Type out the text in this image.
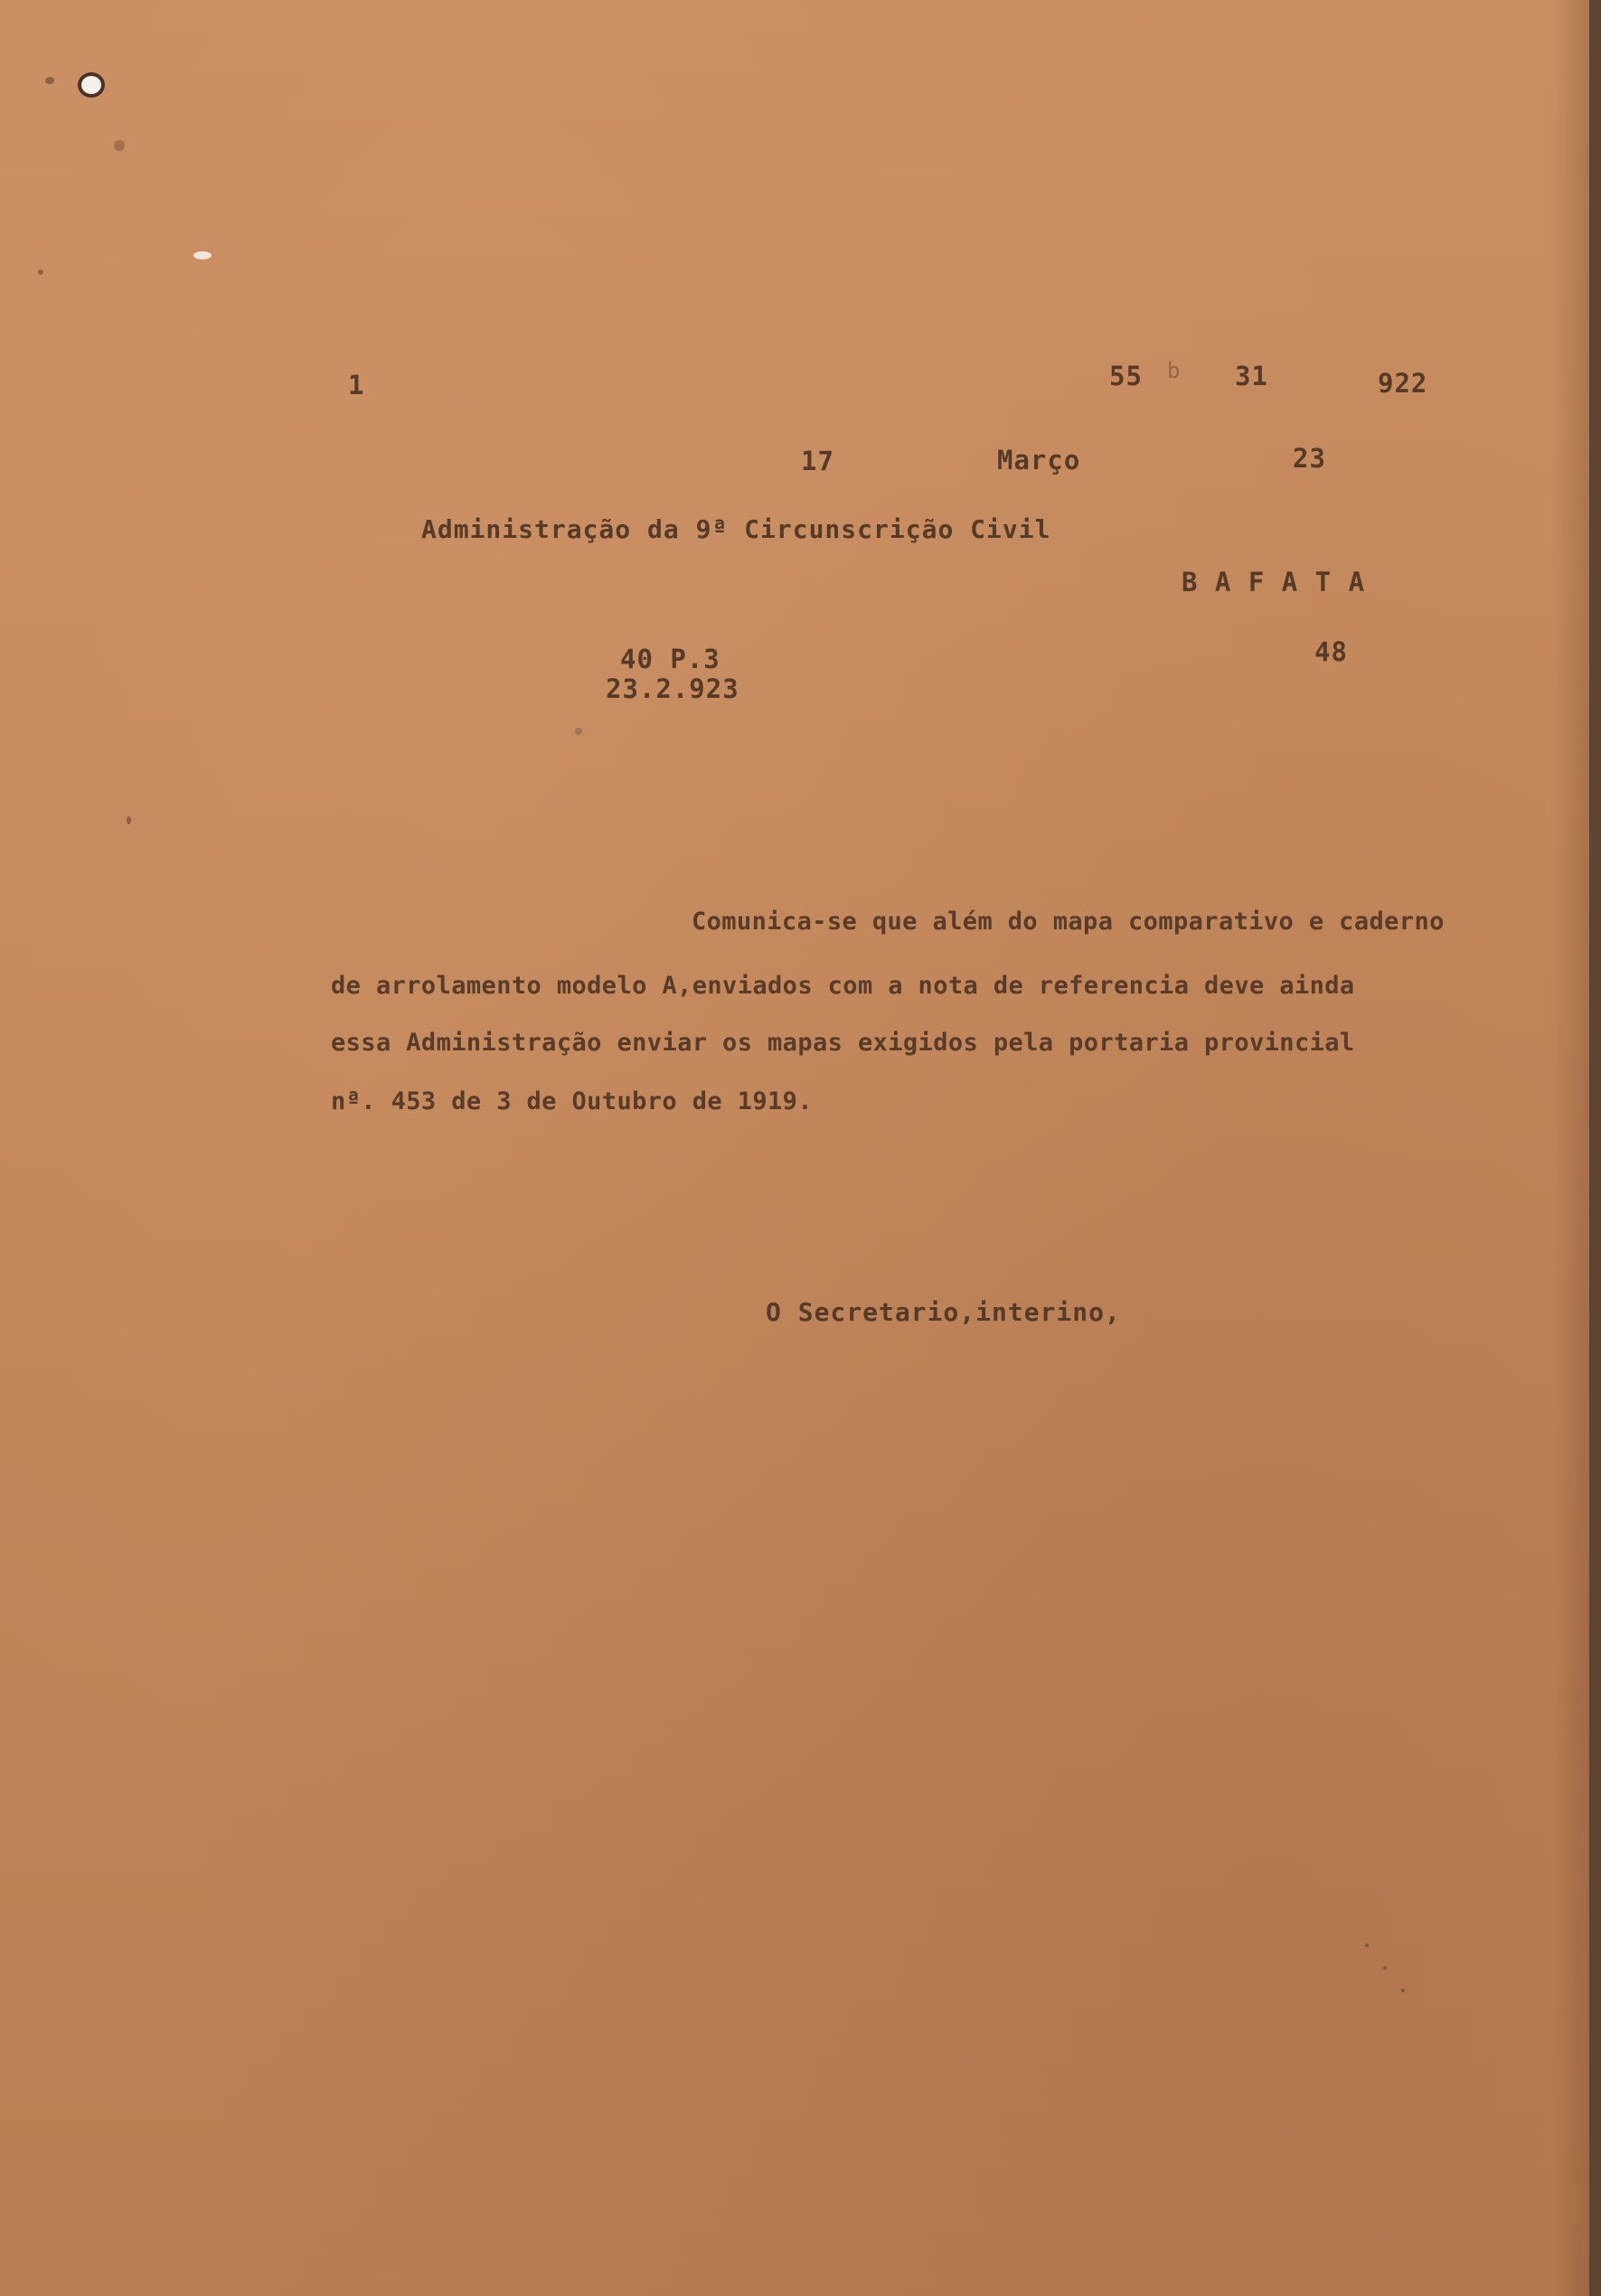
1	55 b 31	922

17	Março	23

Administração da 9ª Circunscrição Civil

B A F A T A

40 P.3

23.2.923

48

Comunica-se que além do mapa comparativo e caderno

de arrolamento modelo A,enviados com a nota de referencia deve ainda

essa Administração enviar os mapas exigidos pela portaria provincial

nª. 453 de 3 de Outubro de 1919.

O Secretario,interino,
